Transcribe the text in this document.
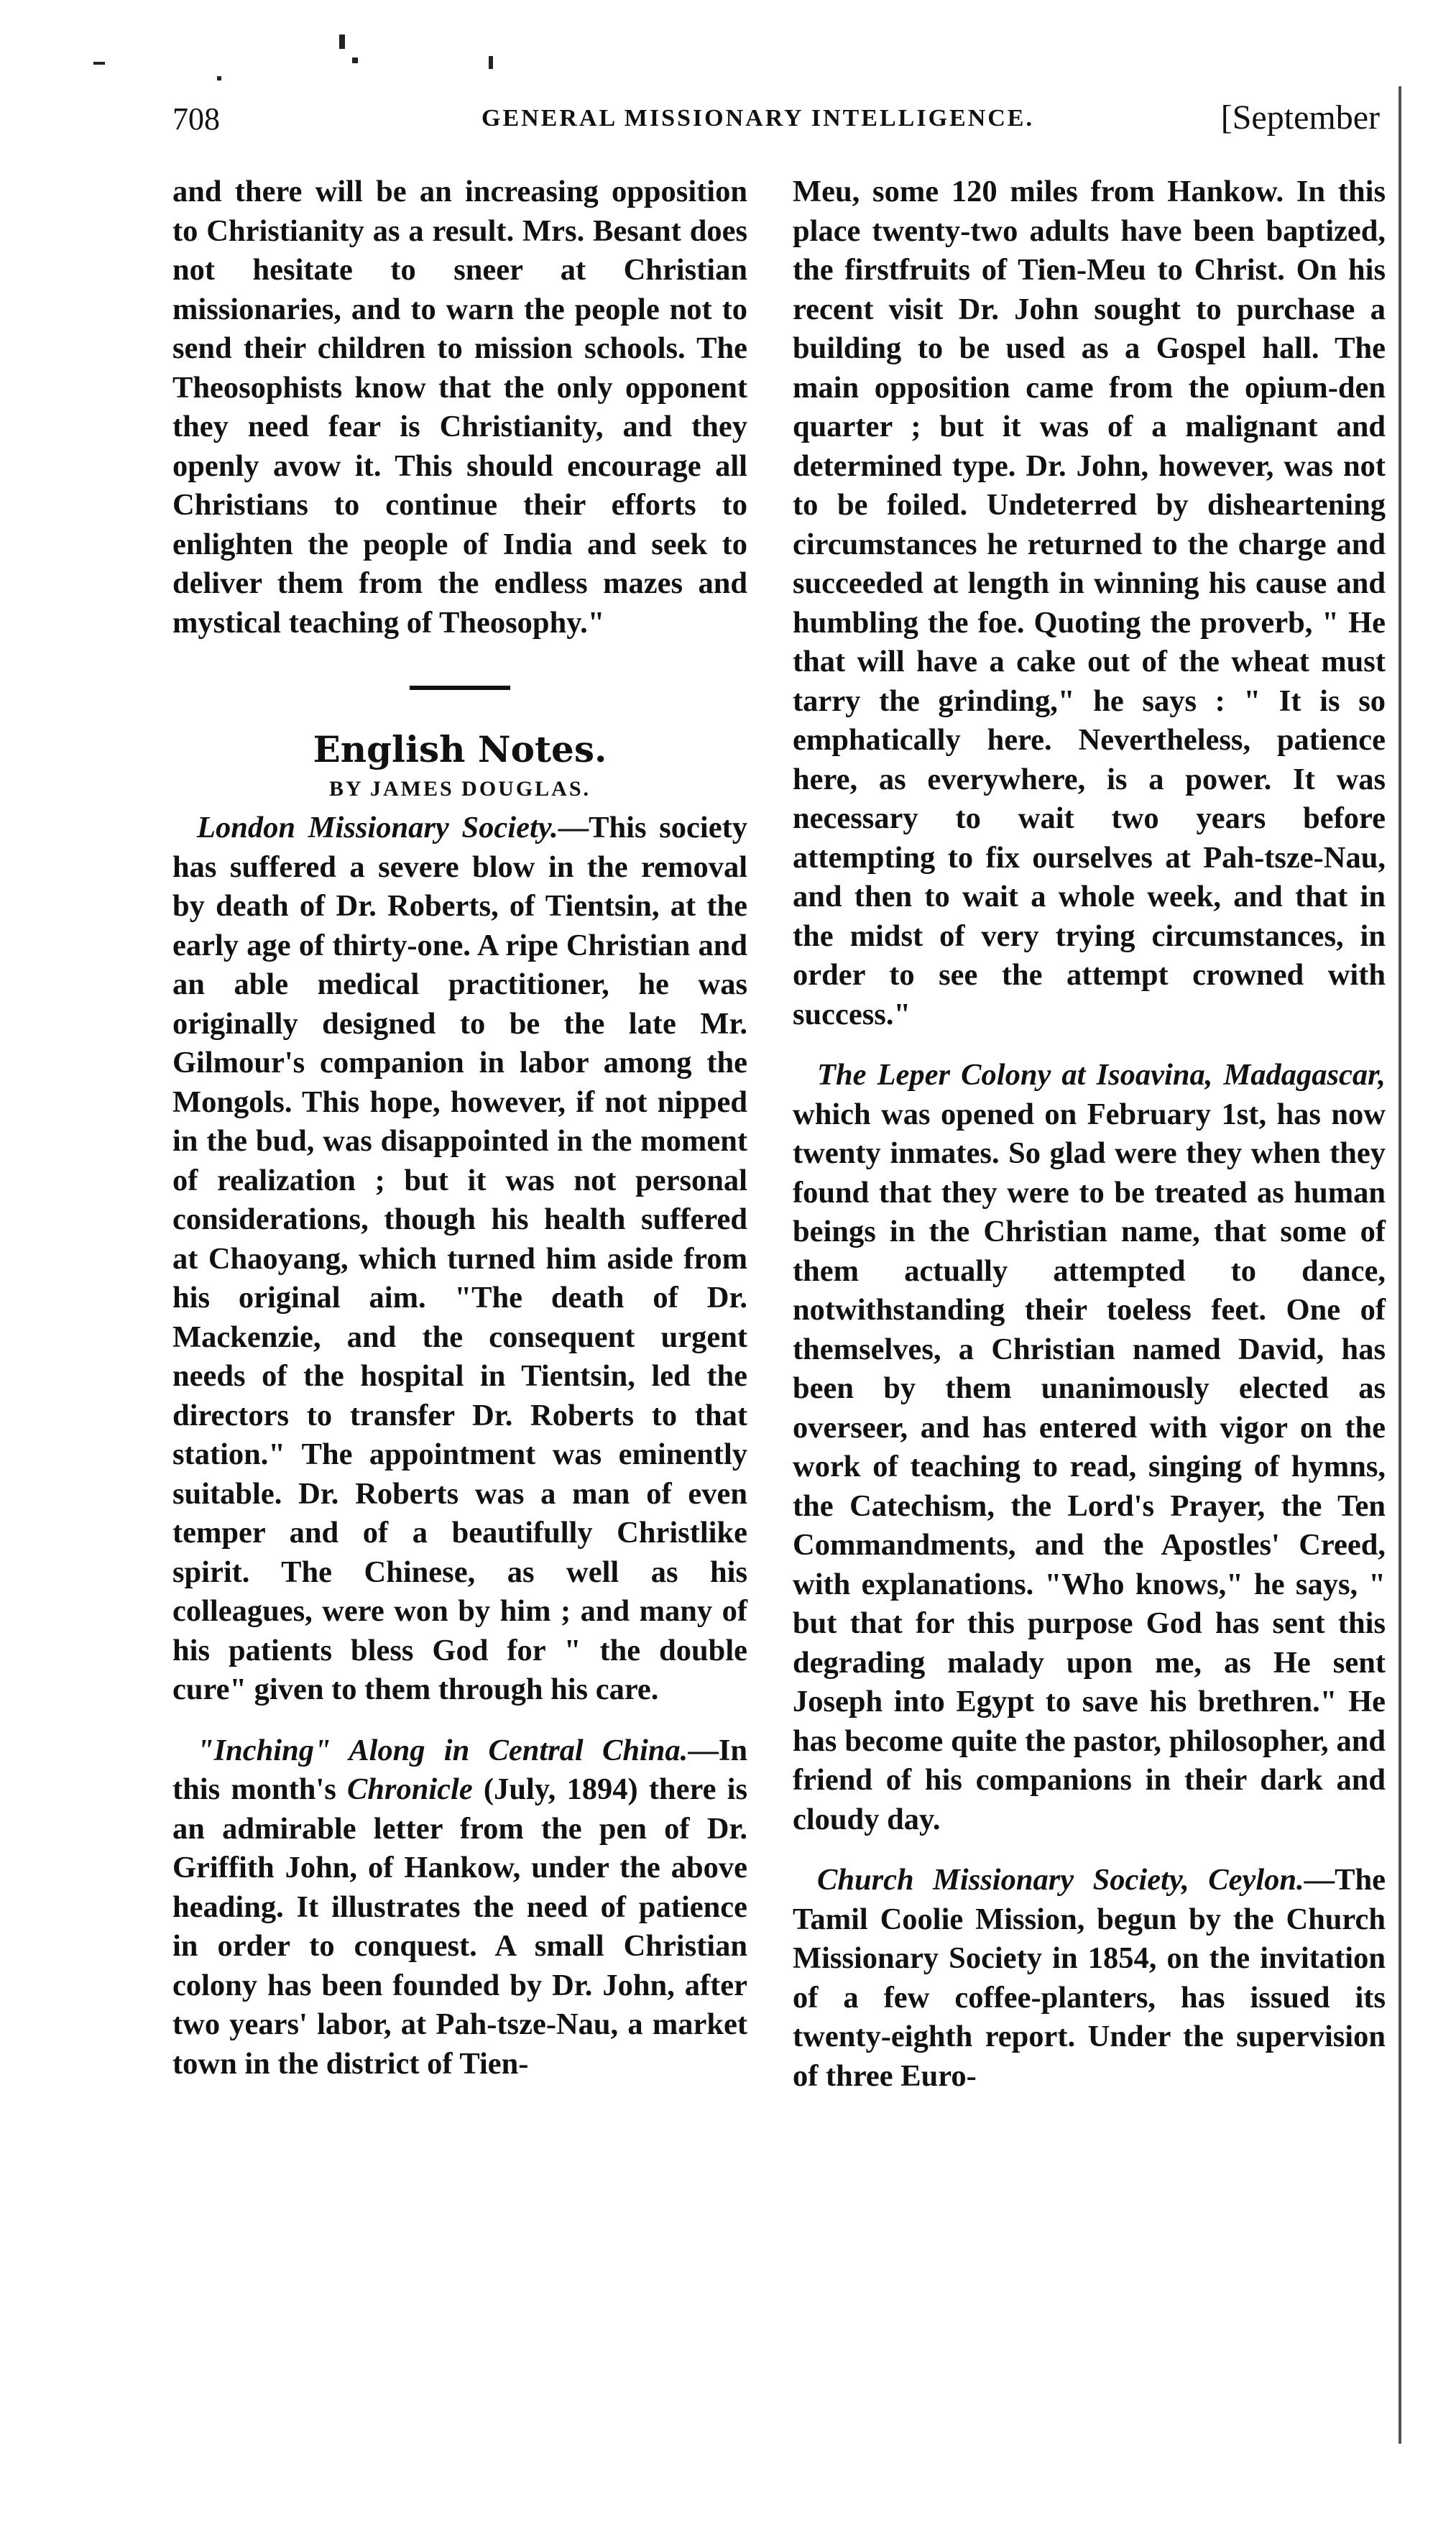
708	GENERAL MISSIONARY INTELLIGENCE.	[September

and there will be an increasing opposition to Christianity as a result. Mrs. Besant does not hesitate to sneer at Christian missionaries, and to warn the people not to send their children to mission schools. The Theosophists know that the only opponent they need fear is Christianity, and they openly avow it. This should encourage all Christians to continue their efforts to enlighten the people of India and seek to deliver them from the endless mazes and mystical teaching of Theosophy."

English Notes.

BY JAMES DOUGLAS.

London Missionary Society.—This society has suffered a severe blow in the removal by death of Dr. Roberts, of Tientsin, at the early age of thirty-one. A ripe Christian and an able medical practitioner, he was originally designed to be the late Mr. Gilmour's companion in labor among the Mongols. This hope, however, if not nipped in the bud, was disappointed in the moment of realization ; but it was not personal considerations, though his health suffered at Chaoyang, which turned him aside from his original aim. "The death of Dr. Mackenzie, and the consequent urgent needs of the hospital in Tientsin, led the directors to transfer Dr. Roberts to that station." The appointment was eminently suitable. Dr. Roberts was a man of even temper and of a beautifully Christlike spirit. The Chinese, as well as his colleagues, were won by him ; and many of his patients bless God for " the double cure" given to them through his care.

"Inching" Along in Central China.—In this month's Chronicle (July, 1894) there is an admirable letter from the pen of Dr. Griffith John, of Hankow, under the above heading. It illustrates the need of patience in order to conquest. A small Christian colony has been founded by Dr. John, after two years' labor, at Pah-tsze-Nau, a market town in the district of Tien-

Meu, some 120 miles from Hankow. In this place twenty-two adults have been baptized, the firstfruits of Tien-Meu to Christ. On his recent visit Dr. John sought to purchase a building to be used as a Gospel hall. The main opposition came from the opium-den quarter ; but it was of a malignant and determined type. Dr. John, however, was not to be foiled. Undeterred by disheartening circumstances he returned to the charge and succeeded at length in winning his cause and humbling the foe. Quoting the proverb, " He that will have a cake out of the wheat must tarry the grinding," he says : " It is so emphatically here. Nevertheless, patience here, as everywhere, is a power. It was necessary to wait two years before attempting to fix ourselves at Pah-tsze-Nau, and then to wait a whole week, and that in the midst of very trying circumstances, in order to see the attempt crowned with success."

The Leper Colony at Isoavina, Madagascar, which was opened on February 1st, has now twenty inmates. So glad were they when they found that they were to be treated as human beings in the Christian name, that some of them actually attempted to dance, notwithstanding their toeless feet. One of themselves, a Christian named David, has been by them unanimously elected as overseer, and has entered with vigor on the work of teaching to read, singing of hymns, the Catechism, the Lord's Prayer, the Ten Commandments, and the Apostles' Creed, with explanations. "Who knows," he says, " but that for this purpose God has sent this degrading malady upon me, as He sent Joseph into Egypt to save his brethren." He has become quite the pastor, philosopher, and friend of his companions in their dark and cloudy day.

Church Missionary Society, Ceylon.—The Tamil Coolie Mission, begun by the Church Missionary Society in 1854, on the invitation of a few coffee-planters, has issued its twenty-eighth report. Under the supervision of three Euro-
